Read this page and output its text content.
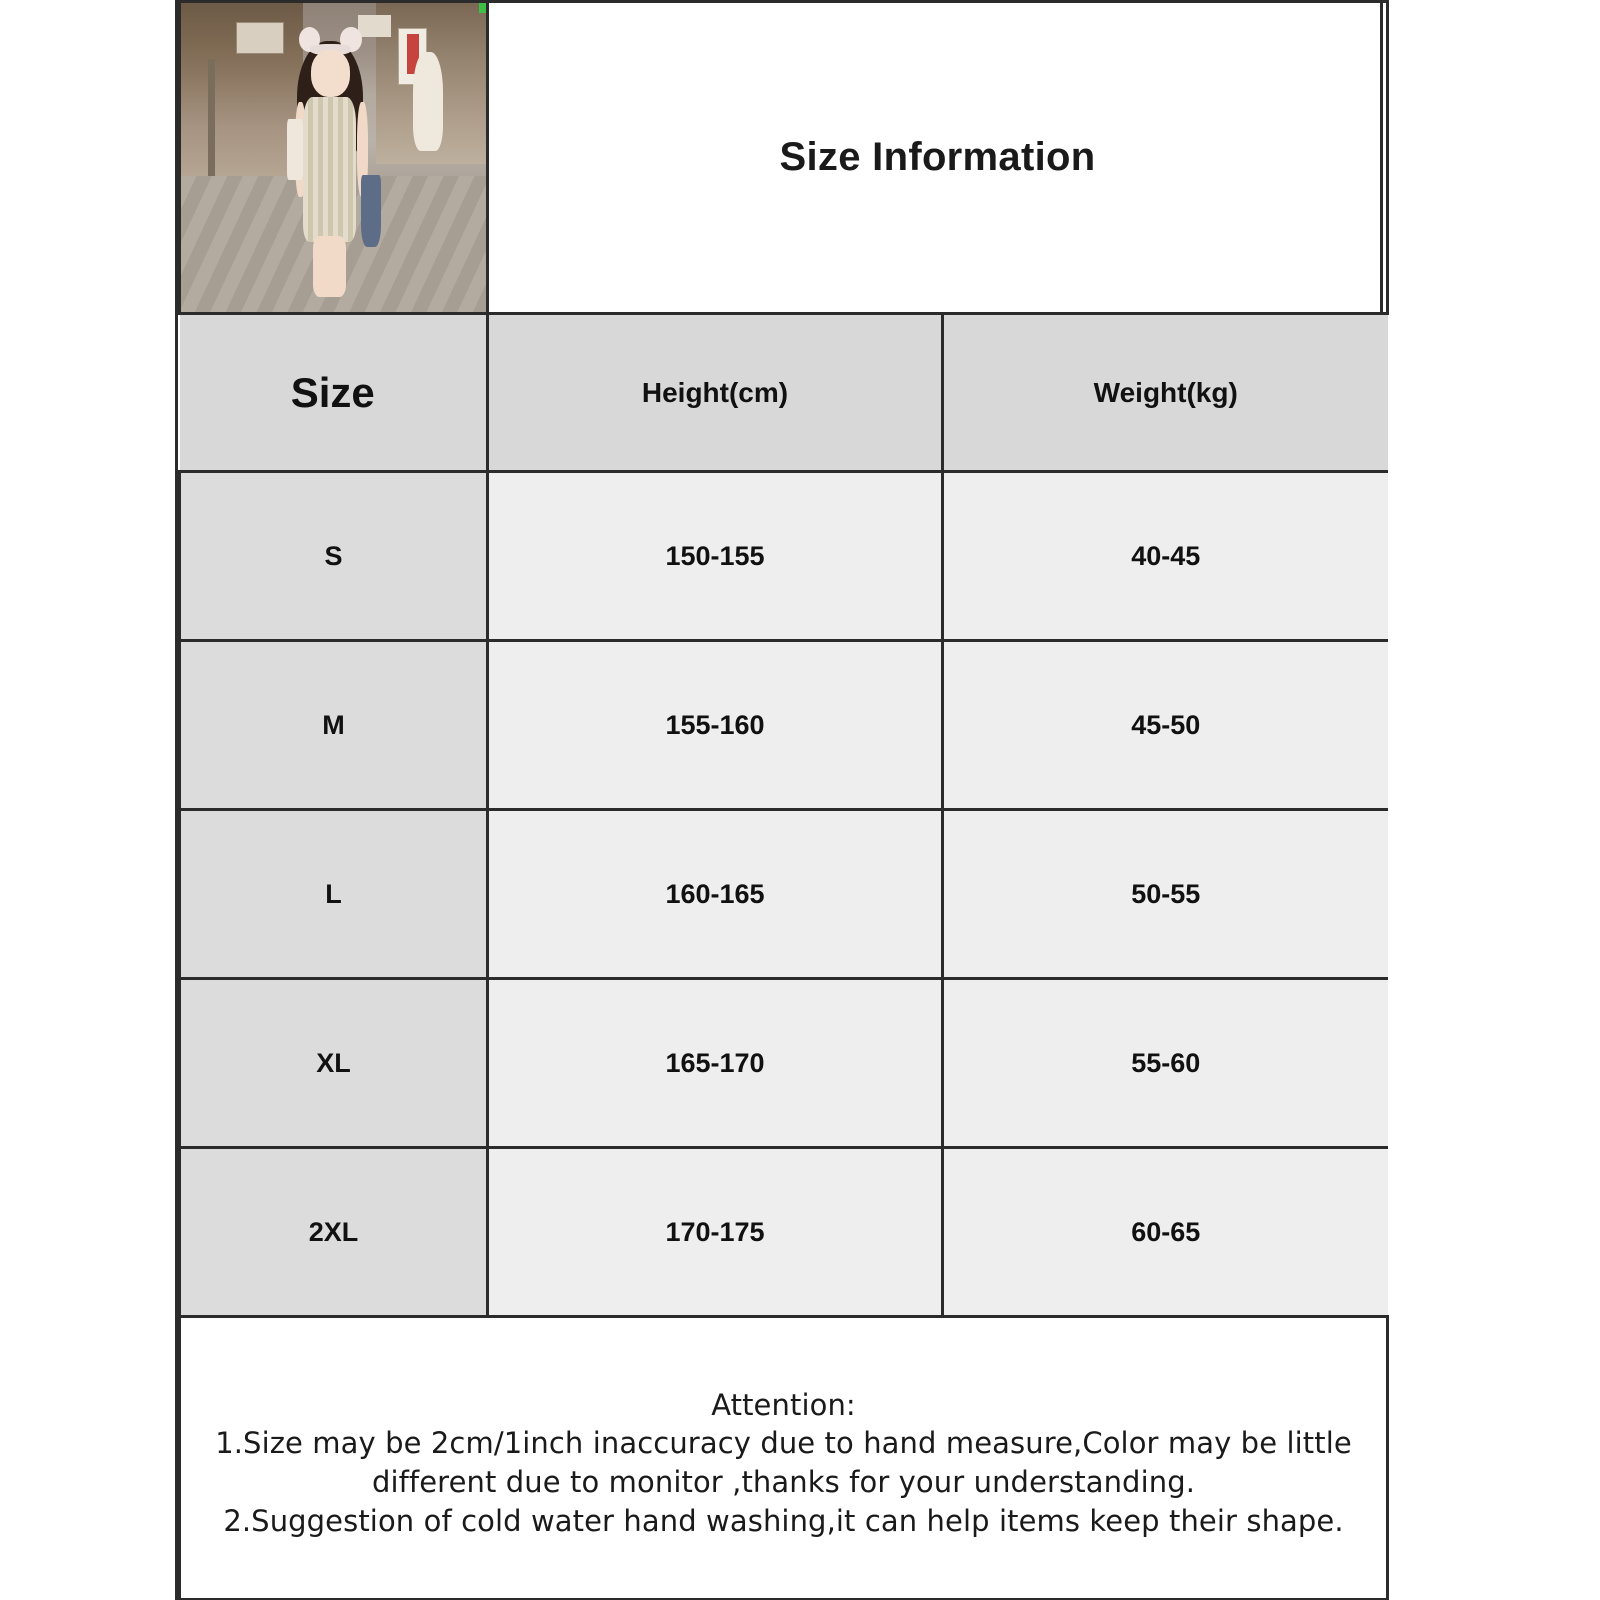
	Size Information	
Size	Height(cm)	Weight(kg)
S	150-155	40-45
M	155-160	45-50
L	160-165	50-55
XL	165-170	55-60
2XL	170-175	60-65

Attention:
1.Size may be 2cm/1inch inaccuracy due to hand measure,Color may be little
different due to monitor ,thanks for your understanding.
2.Suggestion of cold water hand washing,it can help items keep their shape.		
